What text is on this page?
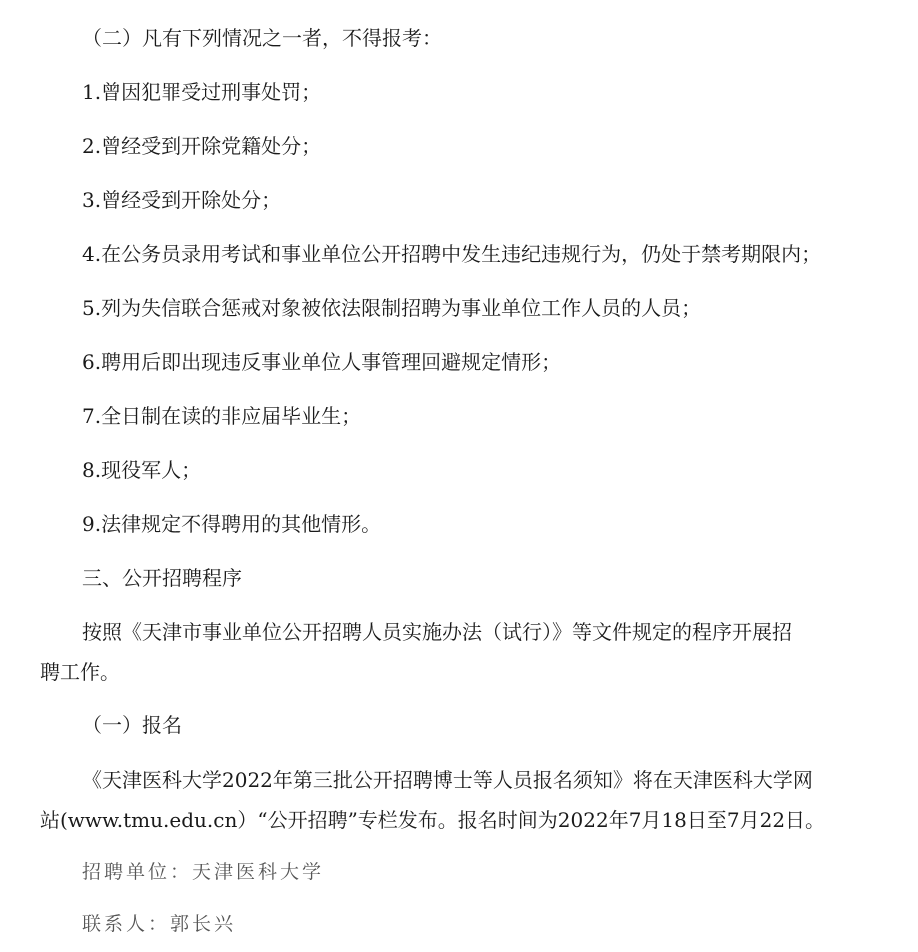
（二）凡有下列情况之一者，不得报考：
1.曾因犯罪受过刑事处罚；
2.曾经受到开除党籍处分；
3.曾经受到开除处分；
4.在公务员录用考试和事业单位公开招聘中发生违纪违规行为，仍处于禁考期限内；
5.列为失信联合惩戒对象被依法限制招聘为事业单位工作人员的人员；
6.聘用后即出现违反事业单位人事管理回避规定情形；
7.全日制在读的非应届毕业生；
8.现役军人；
9.法律规定不得聘用的其他情形。
三、公开招聘程序
按照《天津市事业单位公开招聘人员实施办法（试行）》等文件规定的程序开展招
聘工作。
（一）报名
《天津医科大学2022年第三批公开招聘博士等人员报名须知》将在天津医科大学网
站(www.tmu.edu.cn）“公开招聘”专栏发布。报名时间为2022年7月18日至7月22日。
招聘单位：天津医科大学
联系人：郭长兴
